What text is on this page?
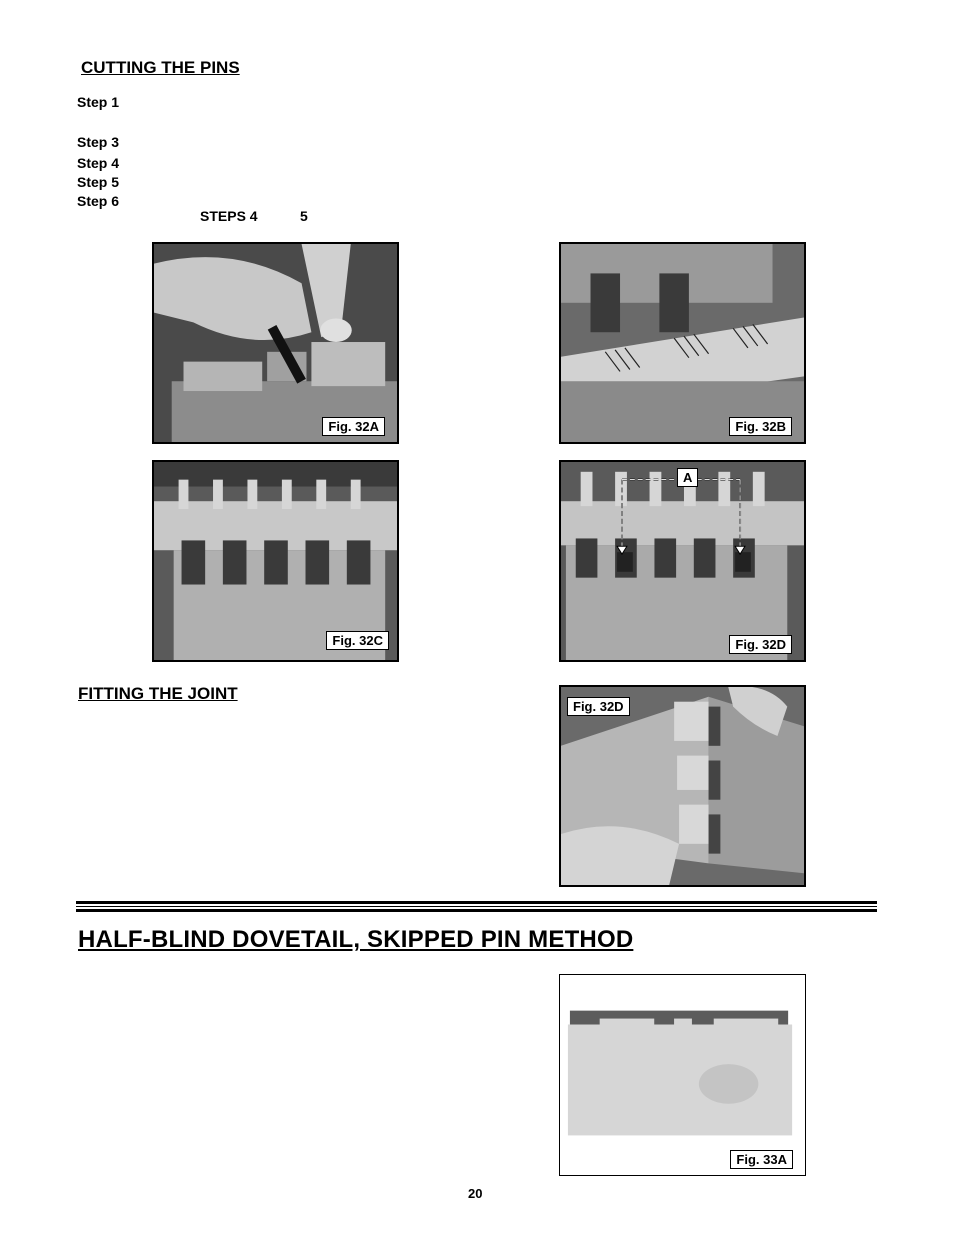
CUTTING THE PINS
Step 1
Step 3
Step 4
Step 5
Step 6
STEPS 4	5
Fig. 32A	Fig. 32B
Fig. 32C
A
Fig. 32D
FITTING THE JOINT
Fig. 32D
HALF-BLIND DOVETAIL, SKIPPED PIN METHOD
Fig. 33A
20
